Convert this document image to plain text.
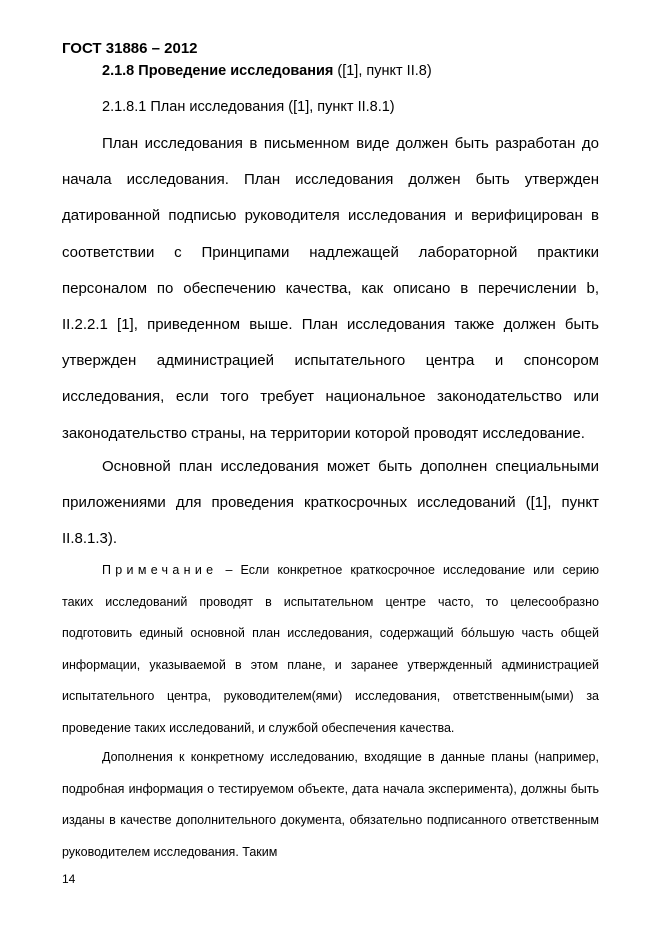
ГОСТ 31886 – 2012
2.1.8 Проведение исследования ([1], пункт II.8)
2.1.8.1 План исследования ([1], пункт II.8.1)
План исследования в письменном виде должен быть разработан до начала исследования. План исследования должен быть утвержден датированной подписью руководителя исследования и верифицирован в соответствии с Принципами надлежащей лабораторной практики персоналом по обеспечению качества, как описано в перечислении b, II.2.2.1 [1], приведенном выше. План исследования также должен быть утвержден администрацией испытательного центра и спонсором исследования, если того требует национальное законодательство или законодательство страны, на территории которой проводят исследование.
Основной план исследования может быть дополнен специальными приложениями для проведения краткосрочных исследований ([1], пункт II.8.1.3).
Примечание – Если конкретное краткосрочное исследование или серию таких исследований проводят в испытательном центре часто, то целесообразно подготовить единый основной план исследования, содержащий бóльшую часть общей информации, указываемой в этом плане, и заранее утвержденный администрацией испытательного центра, руководителем(ями) исследования, ответственным(ыми) за проведение таких исследований, и службой обеспечения качества.
Дополнения к конкретному исследованию, входящие в данные планы (например, подробная информация о тестируемом объекте, дата начала эксперимента), должны быть изданы в качестве дополнительного документа, обязательно подписанного ответственным руководителем исследования. Таким
14
